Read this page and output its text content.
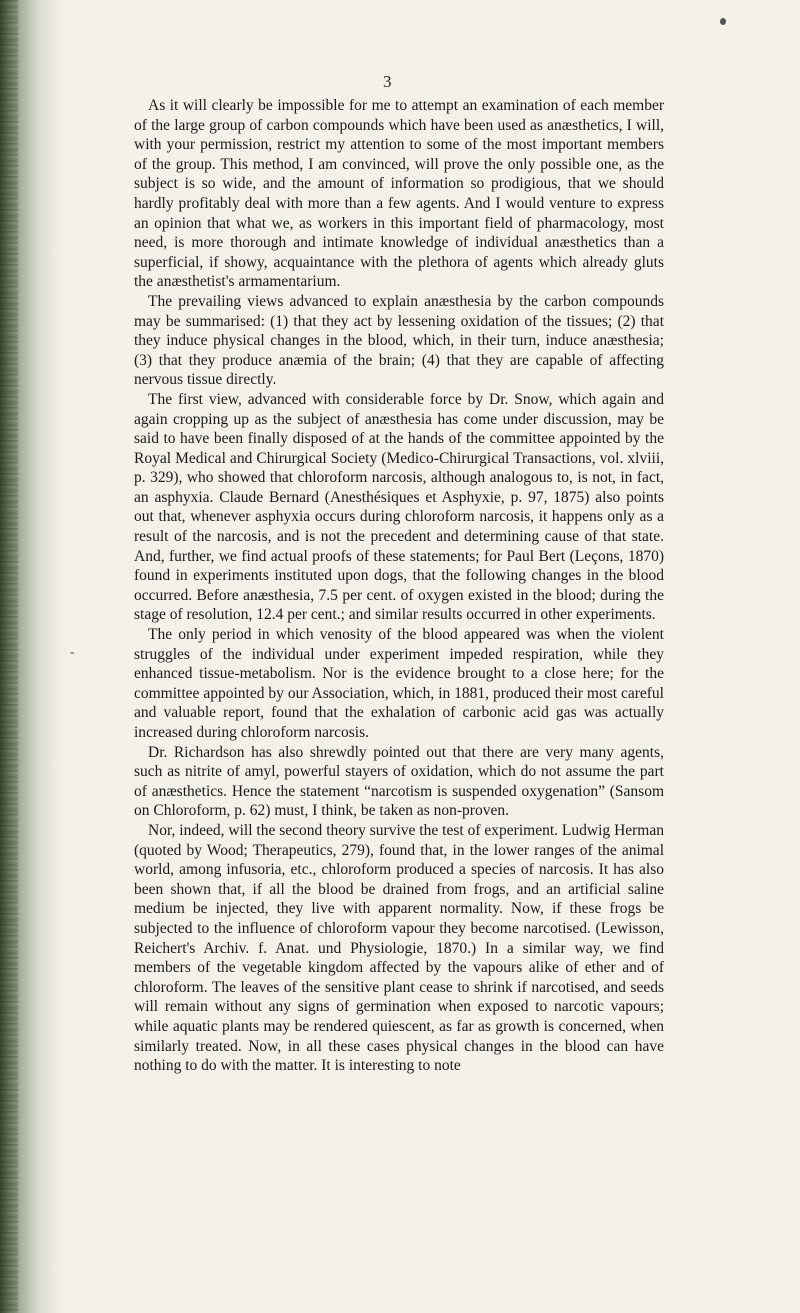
3
-

As it will clearly be impossible for me to attempt an examination of each member of the large group of carbon compounds which have been used as anæsthetics, I will, with your permission, restrict my attention to some of the most important members of the group. This method, I am convinced, will prove the only possible one, as the subject is so wide, and the amount of information so prodigious, that we should hardly profitably deal with more than a few agents. And I would venture to express an opinion that what we, as workers in this important field of pharmacology, most need, is more thorough and intimate knowledge of individual anæsthetics than a superficial, if showy, acquaintance with the plethora of agents which already gluts the anæsthetist's armamentarium.

The prevailing views advanced to explain anæsthesia by the carbon compounds may be summarised: (1) that they act by lessening oxidation of the tissues; (2) that they induce physical changes in the blood, which, in their turn, induce anæsthesia; (3) that they produce anæmia of the brain; (4) that they are capable of affecting nervous tissue directly.

The first view, advanced with considerable force by Dr. Snow, which again and again cropping up as the subject of anæsthesia has come under discussion, may be said to have been finally disposed of at the hands of the committee appointed by the Royal Medical and Chirurgical Society (Medico-Chirurgical Transactions, vol. xlviii, p. 329), who showed that chloroform narcosis, although analogous to, is not, in fact, an asphyxia. Claude Bernard (Anesthésiques et Asphyxie, p. 97, 1875) also points out that, whenever asphyxia occurs during chloroform narcosis, it happens only as a result of the narcosis, and is not the precedent and determining cause of that state. And, further, we find actual proofs of these statements; for Paul Bert (Leçons, 1870) found in experiments instituted upon dogs, that the following changes in the blood occurred. Before anæsthesia, 7.5 per cent. of oxygen existed in the blood; during the stage of resolution, 12.4 per cent.; and similar results occurred in other experiments.

The only period in which venosity of the blood appeared was when the violent struggles of the individual under experiment impeded respiration, while they enhanced tissue-metabolism. Nor is the evidence brought to a close here; for the committee appointed by our Association, which, in 1881, produced their most careful and valuable report, found that the exhalation of carbonic acid gas was actually increased during chloroform narcosis.

Dr. Richardson has also shrewdly pointed out that there are very many agents, such as nitrite of amyl, powerful stayers of oxidation, which do not assume the part of anæsthetics. Hence the statement “narcotism is suspended oxygenation” (Sansom on Chloroform, p. 62) must, I think, be taken as non-proven.

Nor, indeed, will the second theory survive the test of experiment. Ludwig Herman (quoted by Wood; Therapeutics, 279), found that, in the lower ranges of the animal world, among infusoria, etc., chloroform produced a species of narcosis. It has also been shown that, if all the blood be drained from frogs, and an artificial saline medium be injected, they live with apparent normality. Now, if these frogs be subjected to the influence of chloroform vapour they become narcotised. (Lewisson, Reichert's Archiv. f. Anat. und Physiologie, 1870.) In a similar way, we find members of the vegetable kingdom affected by the vapours alike of ether and of chloroform. The leaves of the sensitive plant cease to shrink if narcotised, and seeds will remain without any signs of germination when exposed to narcotic vapours; while aquatic plants may be rendered quiescent, as far as growth is concerned, when similarly treated. Now, in all these cases physical changes in the blood can have nothing to do with the matter. It is interesting to note
